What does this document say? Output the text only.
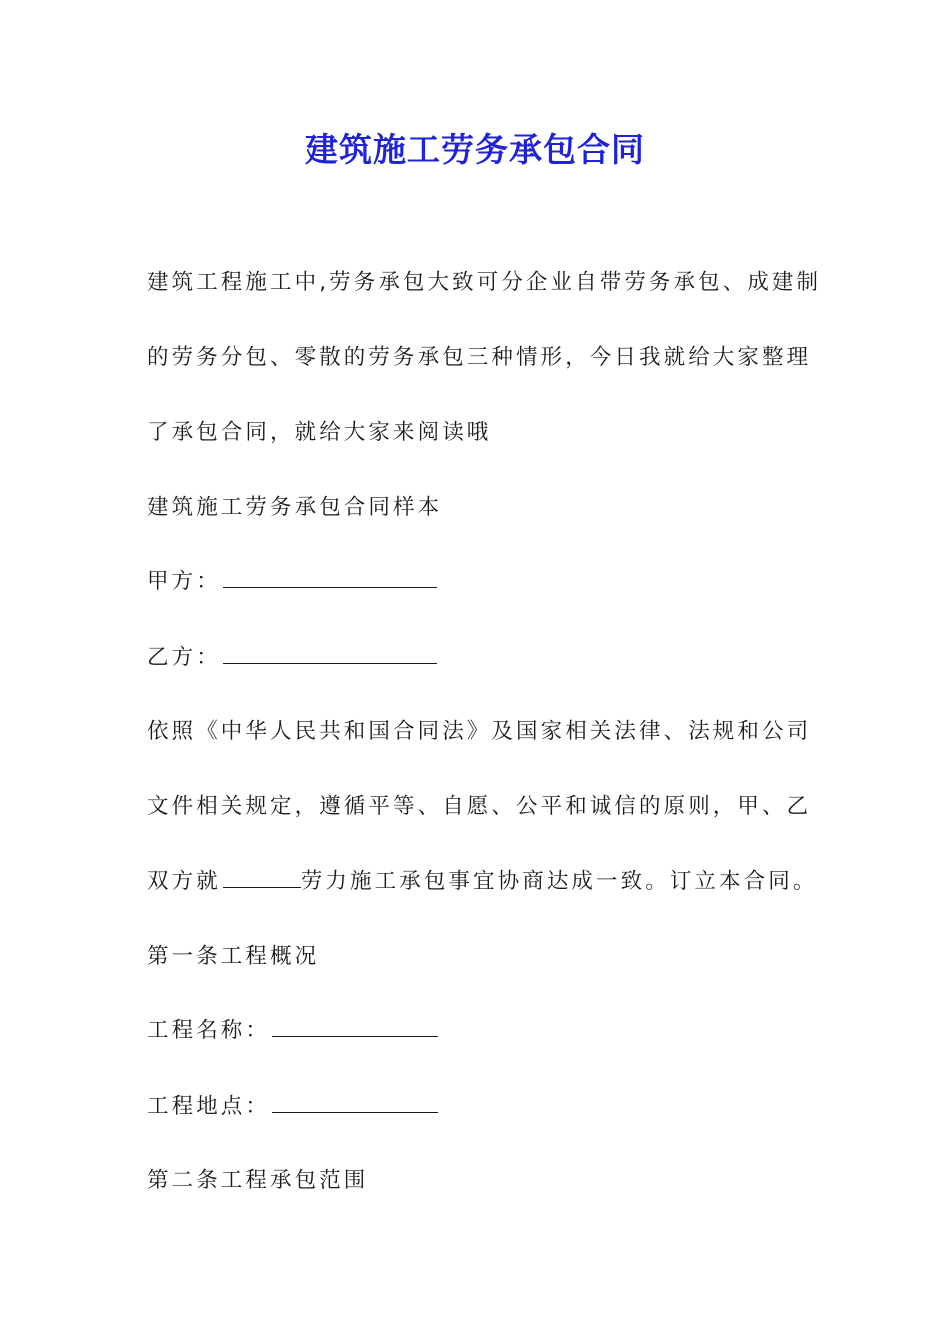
建筑施工劳务承包合同
建筑工程施工中,劳务承包大致可分企业自带劳务承包、成建制
的劳务分包、零散的劳务承包三种情形，今日我就给大家整理
了承包合同，就给大家来阅读哦
建筑施工劳务承包合同样本
甲方：
乙方：
依照《中华人民共和国合同法》及国家相关法律、法规和公司
文件相关规定，遵循平等、自愿、公平和诚信的原则，甲、乙
双方就	劳力施工承包事宜协商达成一致。订立本合同。
第一条工程概况
工程名称：
工程地点：
第二条工程承包范围
